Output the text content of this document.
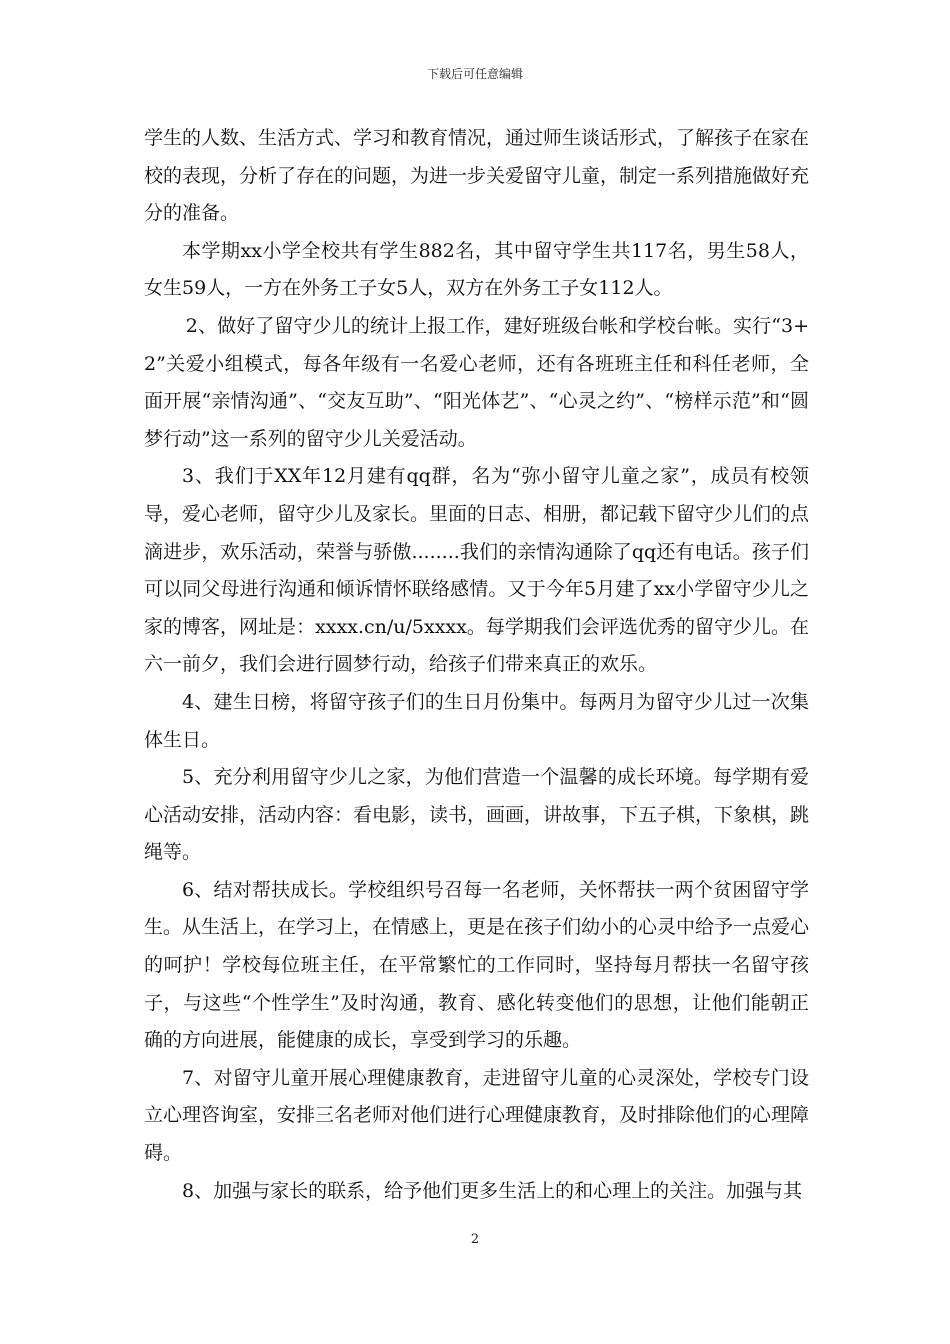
下载后可任意编辑

学生的人数、生活方式、学习和教育情况，通过师生谈话形式，了解孩子在家在校的表现，分析了存在的问题，为进一步关爱留守儿童，制定一系列措施做好充分的准备。

本学期xx小学全校共有学生882名，其中留守学生共117名，男生58人，女生59人，一方在外务工子女5人，双方在外务工子女112人。

2、做好了留守少儿的统计上报工作，建好班级台帐和学校台帐。实行“3+2”关爱小组模式，每各年级有一名爱心老师，还有各班班主任和科任老师，全面开展“亲情沟通”、“交友互助”、“阳光体艺”、“心灵之约”、“榜样示范”和“圆梦行动”这一系列的留守少儿关爱活动。

3、我们于XX年12月建有qq群，名为“弥小留守儿童之家”，成员有校领导，爱心老师，留守少儿及家长。里面的日志、相册，都记载下留守少儿们的点滴进步，欢乐活动，荣誉与骄傲........我们的亲情沟通除了qq还有电话。孩子们可以同父母进行沟通和倾诉情怀联络感情。又于今年5月建了xx小学留守少儿之家的博客，网址是：xxxx.cn/u/5xxxx。每学期我们会评选优秀的留守少儿。在六一前夕，我们会进行圆梦行动，给孩子们带来真正的欢乐。

4、建生日榜，将留守孩子们的生日月份集中。每两月为留守少儿过一次集体生日。

5、充分利用留守少儿之家，为他们营造一个温馨的成长环境。每学期有爱心活动安排，活动内容：看电影，读书，画画，讲故事，下五子棋，下象棋，跳绳等。

6、结对帮扶成长。学校组织号召每一名老师，关怀帮扶一两个贫困留守学生。从生活上，在学习上，在情感上，更是在孩子们幼小的心灵中给予一点爱心的呵护！学校每位班主任，在平常繁忙的工作同时，坚持每月帮扶一名留守孩子，与这些“个性学生”及时沟通，教育、感化转变他们的思想，让他们能朝正确的方向进展，能健康的成长，享受到学习的乐趣。

7、对留守儿童开展心理健康教育，走进留守儿童的心灵深处，学校专门设立心理咨询室，安排三名老师对他们进行心理健康教育，及时排除他们的心理障碍。

8、加强与家长的联系，给予他们更多生活上的和心理上的关注。加强与其

2
